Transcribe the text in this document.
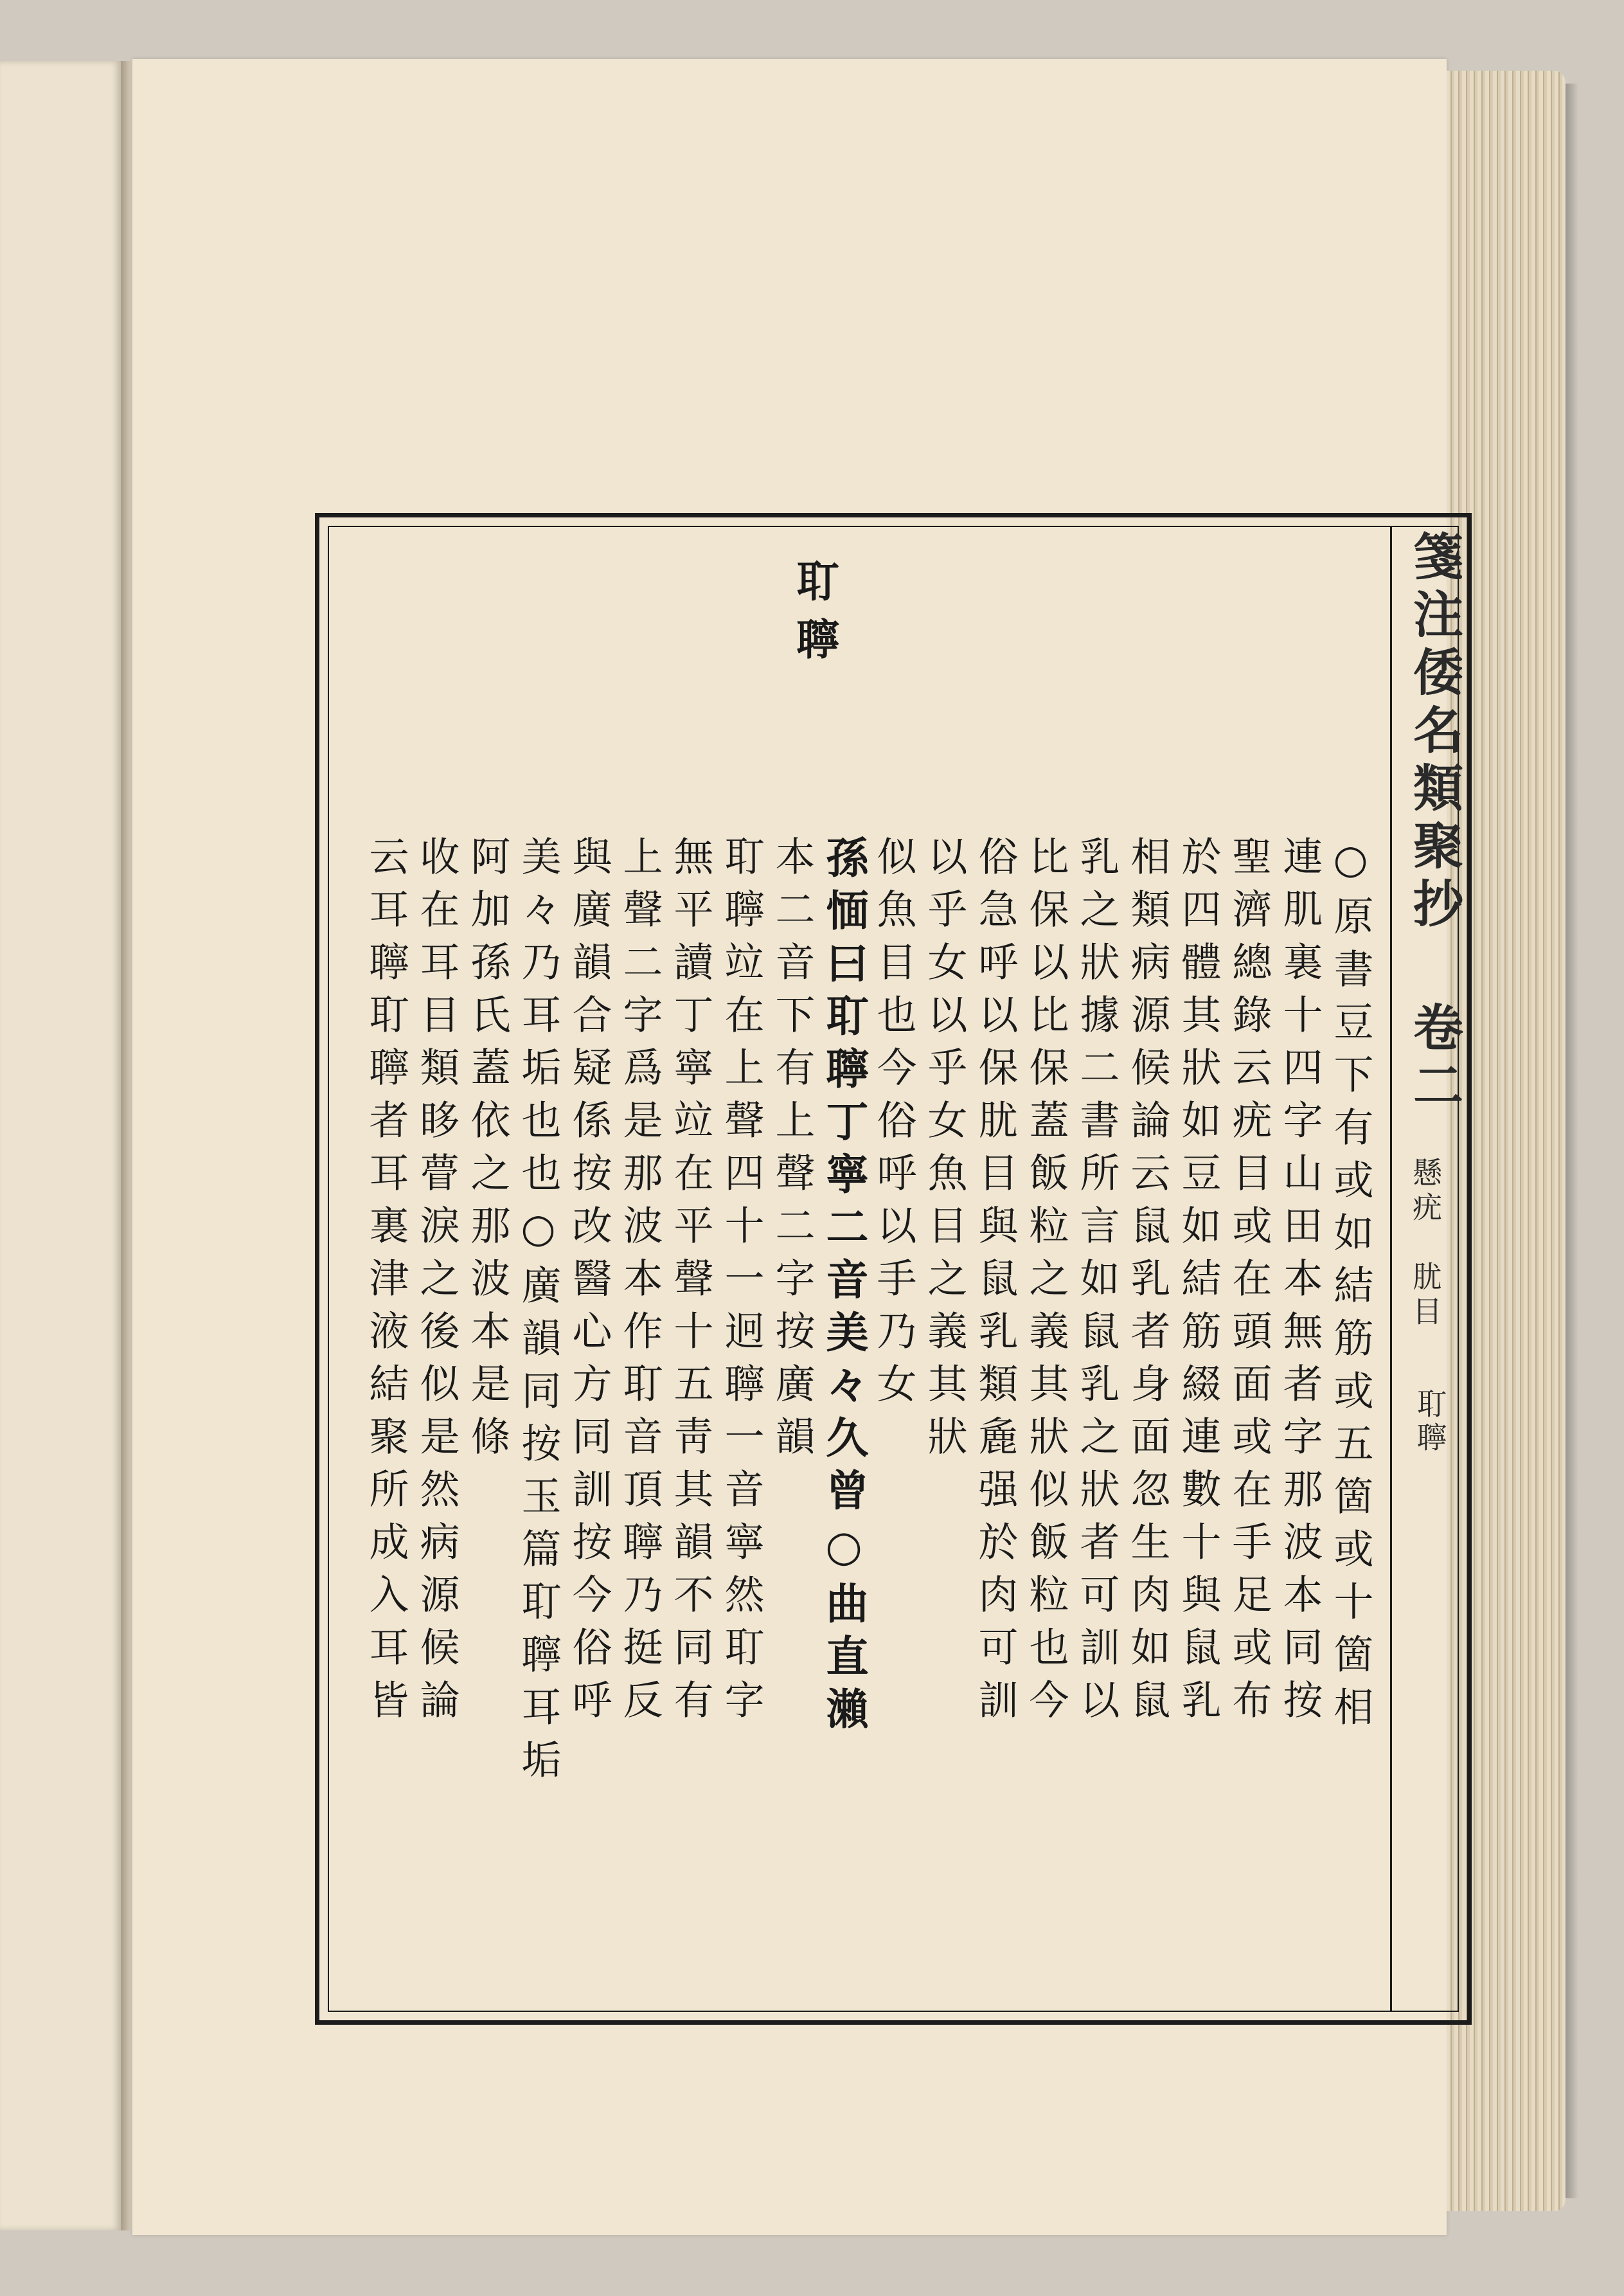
箋注倭名類聚抄 卷二
懸疣　肬目
耵聹
耵
聹
○原書豆下有或如結筋或五箇或十箇相
連肌裏十四字山田本無者字那波本同按
聖濟總錄云疣目或在頭面或在手足或布
於四體其狀如豆如結筋綴連數十與鼠乳
相類病源候論云鼠乳者身面忽生肉如鼠
乳之狀據二書所言如鼠乳之狀者可訓以
比保以比保蓋飯粒之義其狀似飯粒也今
俗急呼以保肬目與鼠乳類麁强於肉可訓
以乎女以乎女魚目之義其狀
似魚目也今俗呼以手乃女
孫愐曰耵聹丁寧二音美々久曾○曲直瀨
本二音下有上聲二字按廣韻
耵聹竝在上聲四十一迥聹一音寧然耵字
無平讀丁寧竝在平聲十五靑其韻不同有
上聲二字爲是那波本作耵音頂聹乃挺反
與廣韻合疑係按改醫心方同訓按今俗呼
美々乃耳垢也也○廣韻同按玉篇耵聹耳垢
阿加孫氏蓋依之那波本是條
收在耳目類眵瞢淚之後似是然病源候論
云耳聹耵聹者耳裏津液結聚所成入耳皆
